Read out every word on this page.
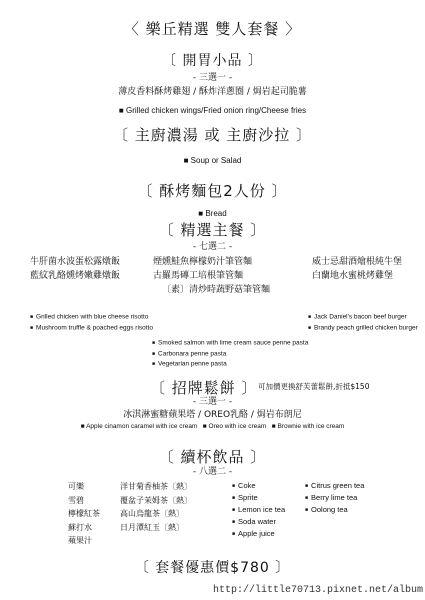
〈 樂丘精選 雙人套餐 〉
〔 開胃小品 〕
- 三選一 -
薄皮香料酥烤雞翅 / 酥炸洋蔥圈 / 焗岩起司脆薯
■ Grilled chicken wings/Fried onion ring/Cheese fries
〔 主廚濃湯 或 主廚沙拉 〕
■ Soup or Salad
〔 酥烤麵包2人份 〕
■ Bread
〔 精選主餐 〕
- 七選二 -
牛肝菌水波蛋松露燉飯
藍紋乳酪燻烤嫩雞燉飯
煙燻鮭魚檸檬奶汁筆管麵
古羅馬磚工培根筆管麵
〔素〕清炒時蔬野菇筆管麵
威士忌甜酒燴根純牛堡
白蘭地水蜜桃烤雞堡
■ Grilled chicken with blue cheese risotto
■ Mushroom truffle & poached eggs risotto
■ Jack Daniel's bacon beef burger
■ Brandy peach grilled chicken burger
■ Smoked salmon with lime cream sauce penne pasta
■ Carbonara penne pasta
■ Vegetarian penne pasta
〔 招牌鬆餅 〕 可加價更換舒芙蕾鬆餅,折抵$150
- 三選一 -
冰淇淋蜜糖蘋果塔 / OREO乳酪 / 焗岩布朗尼
■ Apple cinamon caramel with ice cream ■ Oreo with ice cream ■ Brownie with ice cream
〔 續杯飲品 〕
- 八選二 -
可樂
雪碧
檸檬紅茶
蘇打水
蘋果汁
洋甘菊香柚茶〔熱〕
覆盆子茉姆茶〔熱〕
高山烏龍茶〔熱〕
日月潭紅玉〔熱〕
■ Coke
■ Sprite
■ Lemon ice tea
■ Soda water
■ Apple juice
■ Citrus green tea
■ Berry lime tea
■ Oolong tea
〔 套餐優惠價$780 〕
http://little70713.pixnet.net/album
